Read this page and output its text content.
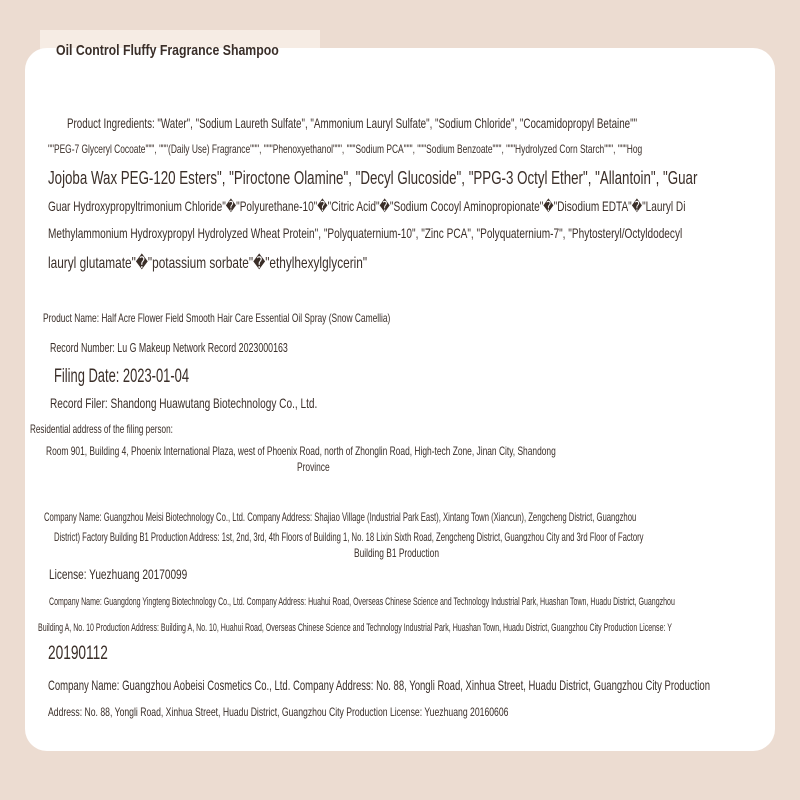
Oil Control Fluffy Fragrance Shampoo
Product Ingredients: "Water", "Sodium Laureth Sulfate", "Ammonium Lauryl Sulfate", "Sodium Chloride", "Cocamidopropyl Betaine""
""PEG-7 Glyceryl Cocoate""", """(Daily Use) Fragrance""", """Phenoxyethanol""", """Sodium PCA""", """Sodium Benzoate""", """Hydrolyzed Corn Starch""", """Hog
Jojoba Wax PEG-120 Esters", "Piroctone Olamine", "Decyl Glucoside", "PPG-3 Octyl Ether", "Allantoin", "Guar
Guar Hydroxypropyltrimonium Chloride"�"Polyurethane-10"�"Citric Acid"�"Sodium Cocoyl Aminopropionate"�"Disodium EDTA"�"Lauryl Di
Methylammonium Hydroxypropyl Hydrolyzed Wheat Protein", "Polyquaternium-10", "Zinc PCA", "Polyquaternium-7", "Phytosteryl/Octyldodecyl
lauryl glutamate"�"potassium sorbate"�"ethylhexylglycerin"
Product Name: Half Acre Flower Field Smooth Hair Care Essential Oil Spray (Snow Camellia)
Record Number: Lu G Makeup Network Record 2023000163
Filing Date: 2023-01-04
Record Filer: Shandong Huawutang Biotechnology Co., Ltd.
Residential address of the filing person:
Room 901, Building 4, Phoenix International Plaza, west of Phoenix Road, north of Zhonglin Road, High-tech Zone, Jinan City, Shandong
Province
Company Name: Guangzhou Meisi Biotechnology Co., Ltd. Company Address: Shajiao Village (Industrial Park East), Xintang Town (Xiancun), Zengcheng District, Guangzhou
District) Factory Building B1 Production Address: 1st, 2nd, 3rd, 4th Floors of Building 1, No. 18 Lixin Sixth Road, Zengcheng District, Guangzhou City and 3rd Floor of Factory
Building B1 Production
License: Yuezhuang 20170099
Company Name: Guangdong Yingteng Biotechnology Co., Ltd. Company Address: Huahui Road, Overseas Chinese Science and Technology Industrial Park, Huashan Town, Huadu District, Guangzhou
Building A, No. 10 Production Address: Building A, No. 10, Huahui Road, Overseas Chinese Science and Technology Industrial Park, Huashan Town, Huadu District, Guangzhou City Production License: Y
20190112
Company Name: Guangzhou Aobeisi Cosmetics Co., Ltd. Company Address: No. 88, Yongli Road, Xinhua Street, Huadu District, Guangzhou City Production
Address: No. 88, Yongli Road, Xinhua Street, Huadu District, Guangzhou City Production License: Yuezhuang 20160606
